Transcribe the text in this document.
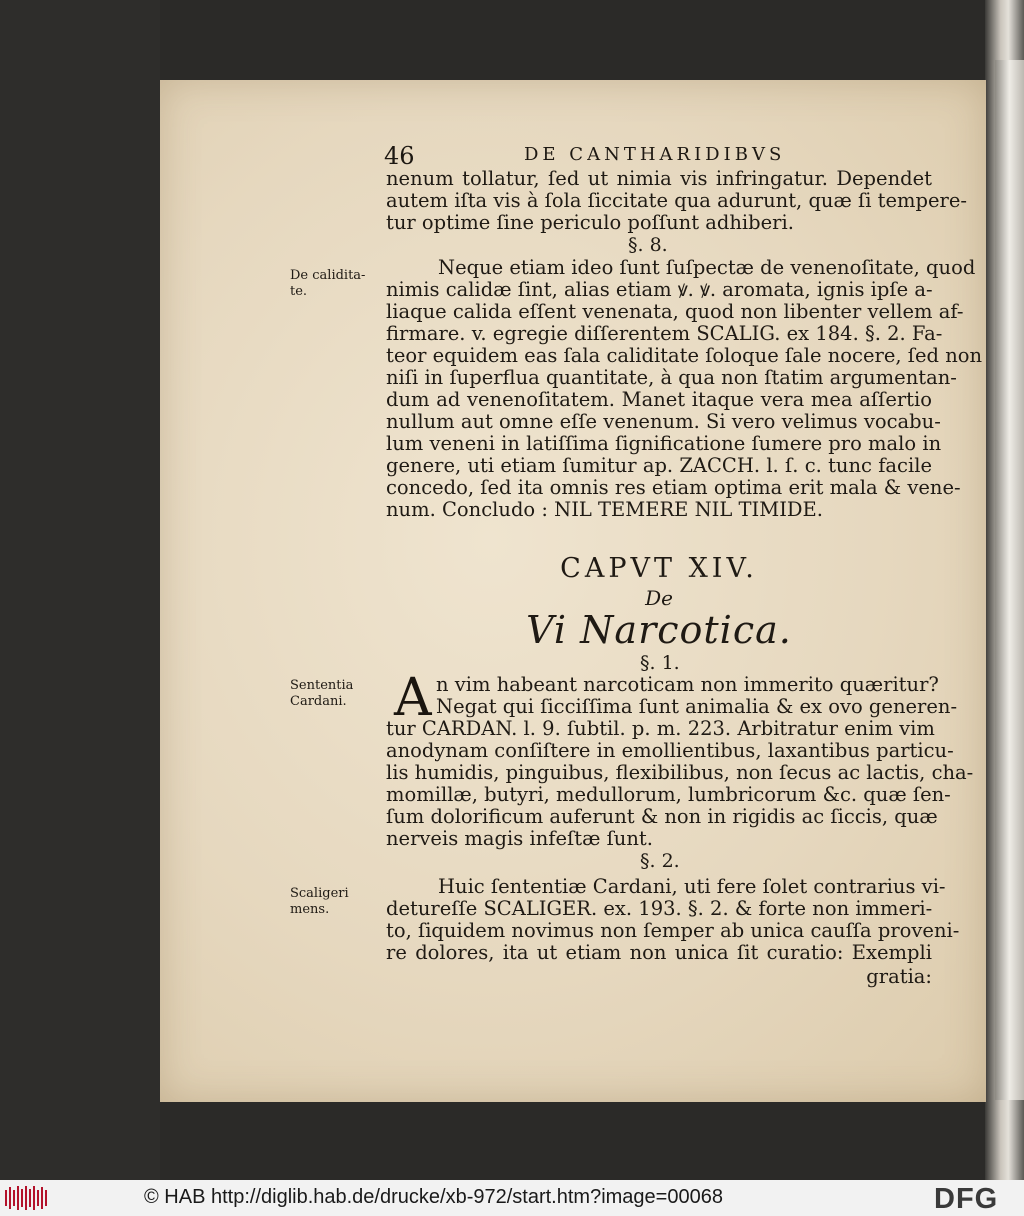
46	DE CANTHARIDIBVS
nenum tollatur, ſed ut nimia vis infringatur. Dependet
autem iſta vis à ſola ſiccitate qua adurunt, quæ ſi tempere-
tur optime ſine periculo poſſunt adhiberi.
§. 8.
De calidita-
te.
Neque etiam ideo ſunt ſuſpectæ de venenoſitate, quod
nimis calidæ ſint, alias etiam ꝟ. ꝟ. aromata, ignis ipſe a-
liaque calida eſſent venenata, quod non libenter vellem af-
firmare. v. egregie diſſerentem SCALIG. ex 184. §. 2. Fa-
teor equidem eas ſala caliditate ſoloque ſale nocere, ſed non
niſi in ſuperflua quantitate, à qua non ſtatim argumentan-
dum ad venenoſitatem. Manet itaque vera mea aſſertio
nullum aut omne eſſe venenum. Si vero velimus vocabu-
lum veneni in latiſſima ſignificatione ſumere pro malo in
genere, uti etiam ſumitur ap. ZACCH. l. ſ. c. tunc facile
concedo, ſed ita omnis res etiam optima erit mala & vene-
num. Concludo : NIL TEMERE NIL TIMIDE.
CAPVT XIV.
De
Vi Narcotica.
§. 1.
Sententia
Cardani. A n vim habeant narcoticam non immerito quæritur?
Negat qui ſicciſſima ſunt animalia & ex ovo generen-
tur CARDAN. l. 9. ſubtil. p. m. 223. Arbitratur enim vim
anodynam conſiſtere in emollientibus, laxantibus particu-
lis humidis, pinguibus, flexibilibus, non ſecus ac lactis, cha-
momillæ, butyri, medullorum, lumbricorum &c. quæ ſen-
ſum dolorificum auferunt & non in rigidis ac ſiccis, quæ
nerveis magis infeſtæ ſunt.
§. 2.
Scaligeri
mens.
Huic ſententiæ Cardani, uti fere ſolet contrarius vi-
detureſſe SCALIGER. ex. 193. §. 2. & forte non immeri-
to, ſiquidem novimus non ſemper ab unica cauſſa proveni-
re dolores, ita ut etiam non unica ſit curatio: Exempli
gratia:
© HAB http://diglib.hab.de/drucke/xb-972/start.htm?image=00068	DFG
